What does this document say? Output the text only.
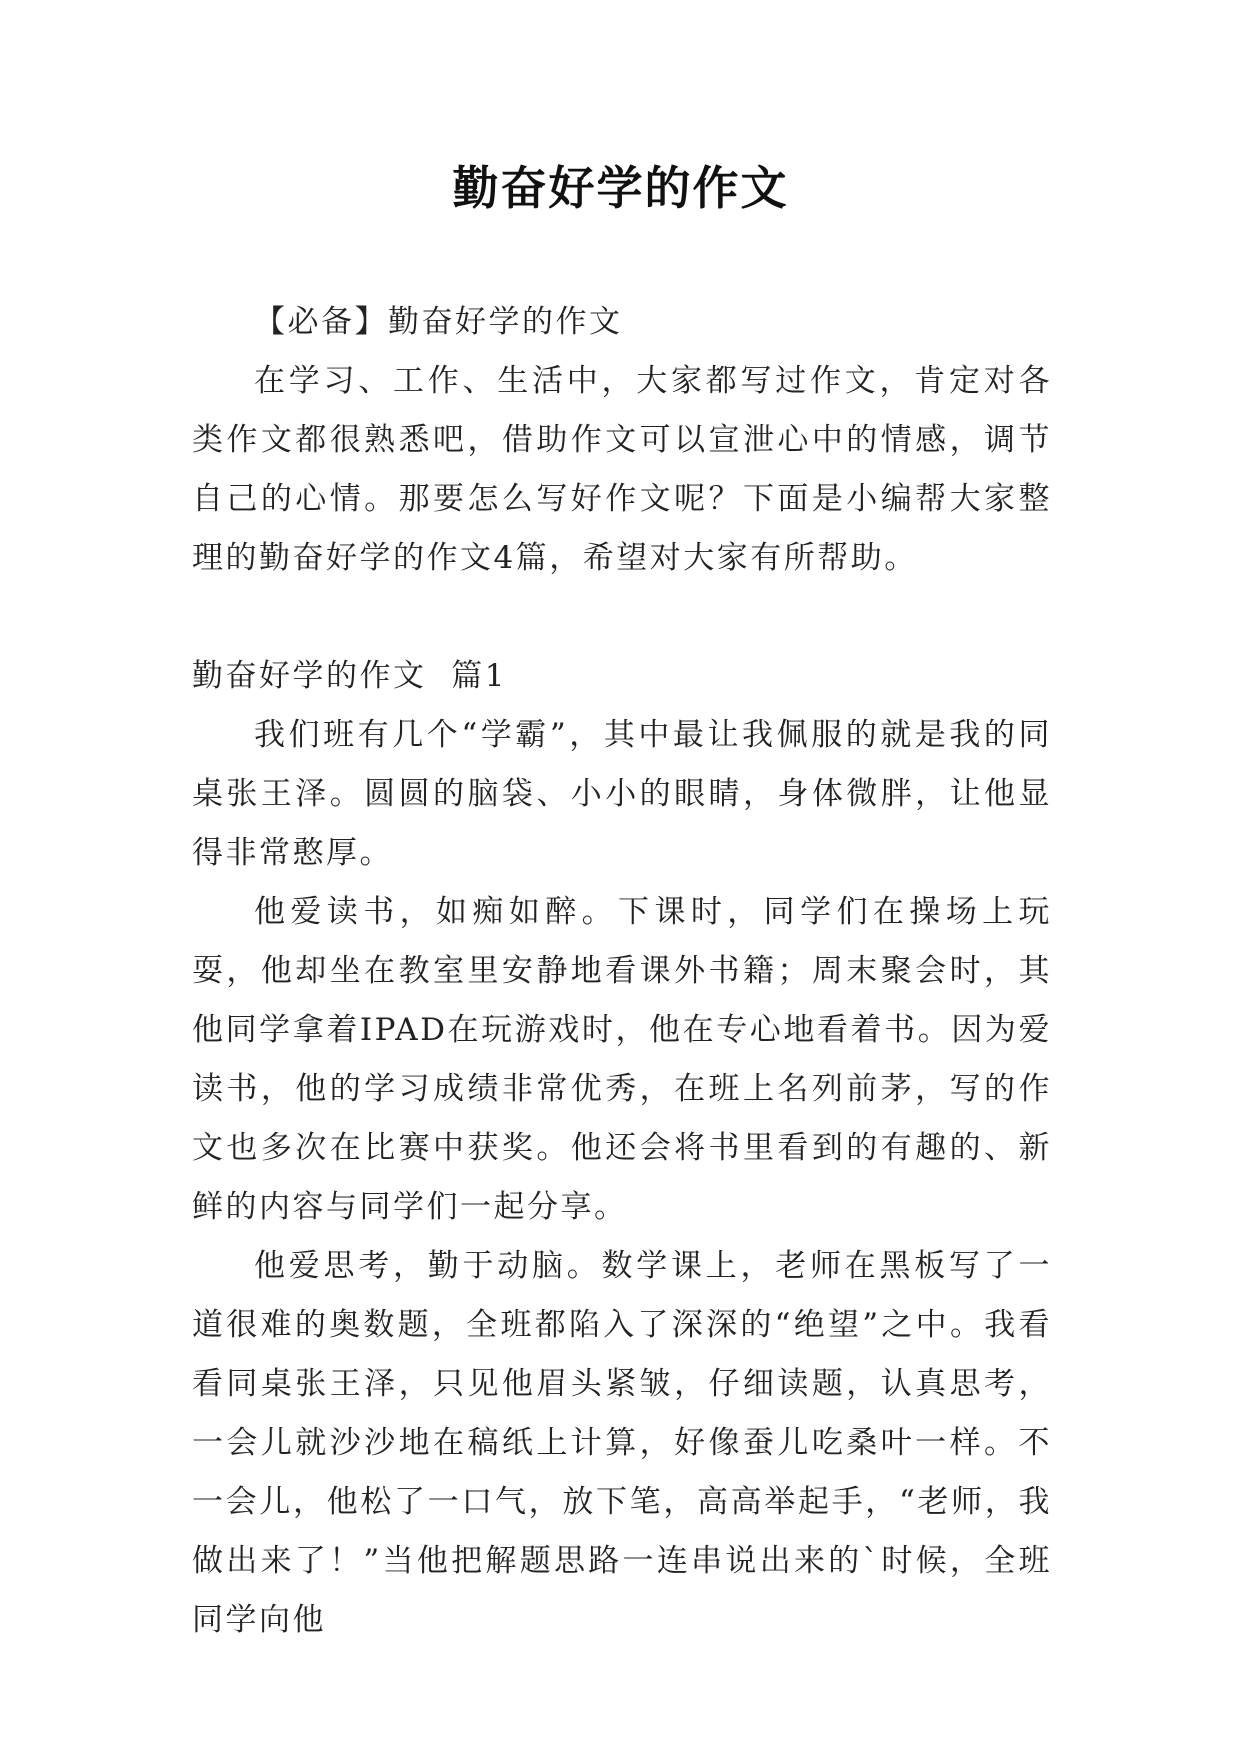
勤奋好学的作文

【必备】勤奋好学的作文

在学习、工作、生活中，大家都写过作文，肯定对各类作文都很熟悉吧，借助作文可以宣泄心中的情感，调节自己的心情。那要怎么写好作文呢？下面是小编帮大家整理的勤奋好学的作文4篇，希望对大家有所帮助。

勤奋好学的作文  篇1

我们班有几个“学霸”，其中最让我佩服的就是我的同桌张王泽。圆圆的脑袋、小小的眼睛，身体微胖，让他显得非常憨厚。

他爱读书，如痴如醉。下课时，同学们在操场上玩耍，他却坐在教室里安静地看课外书籍；周末聚会时，其他同学拿着IPAD在玩游戏时，他在专心地看着书。因为爱读书，他的学习成绩非常优秀，在班上名列前茅，写的作文也多次在比赛中获奖。他还会将书里看到的有趣的、新鲜的内容与同学们一起分享。

他爱思考，勤于动脑。数学课上，老师在黑板写了一道很难的奥数题，全班都陷入了深深的“绝望”之中。我看看同桌张王泽，只见他眉头紧皱，仔细读题，认真思考，一会儿就沙沙地在稿纸上计算，好像蚕儿吃桑叶一样。不一会儿，他松了一口气，放下笔，高高举起手，“老师，我做出来了！”当他把解题思路一连串说出来的`时候，全班同学向他
